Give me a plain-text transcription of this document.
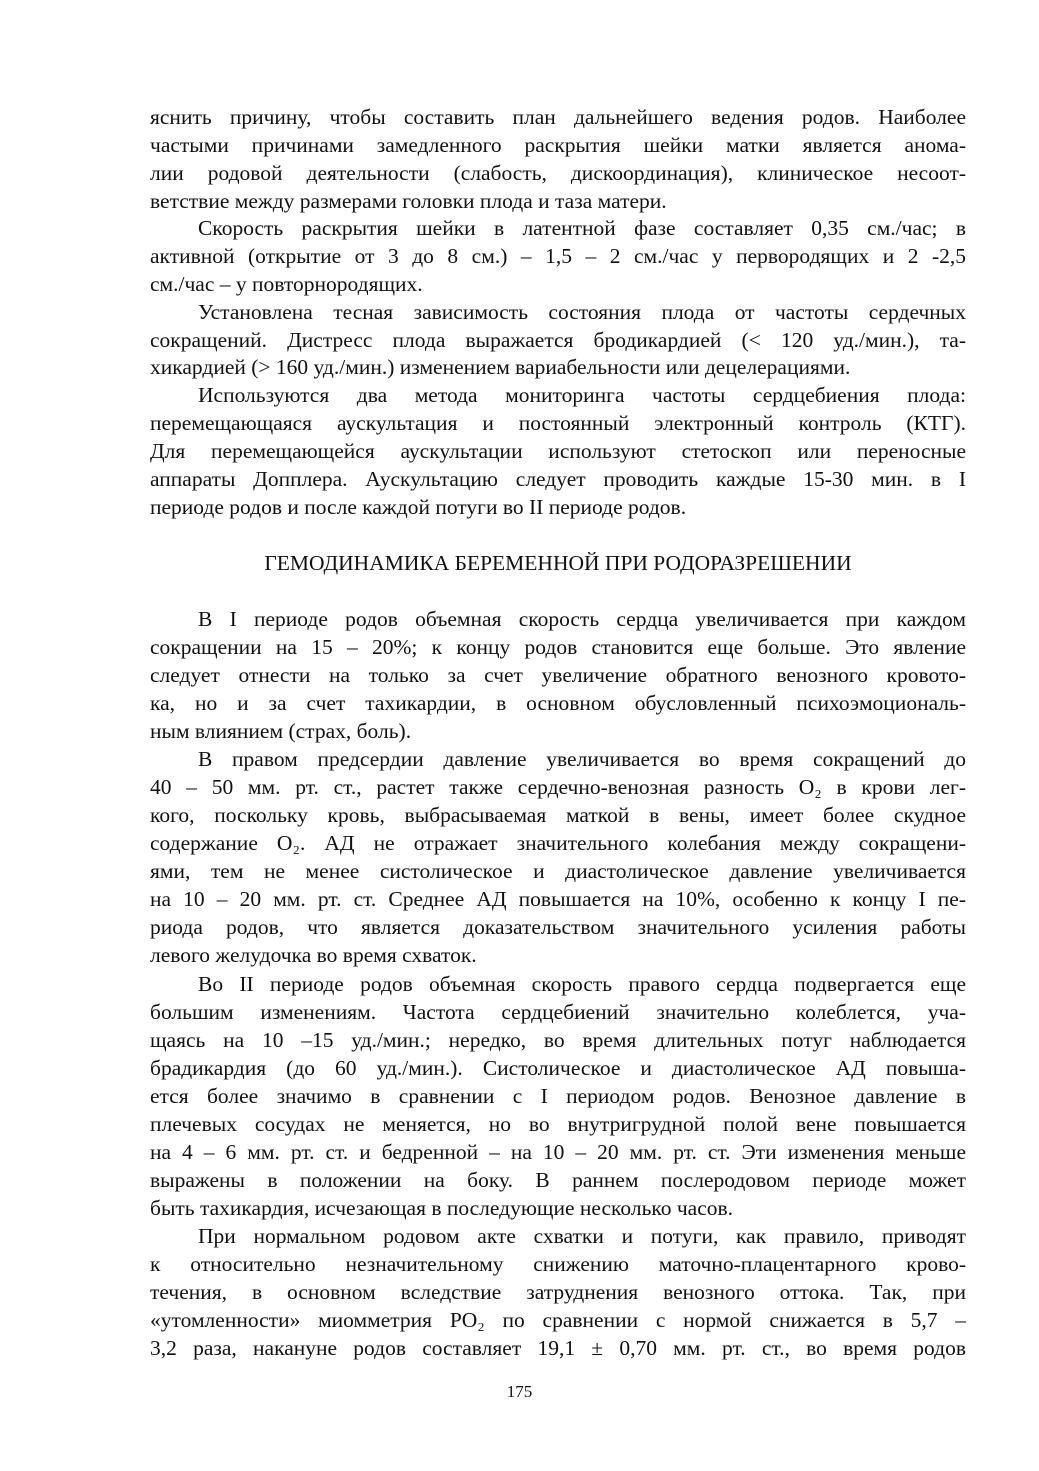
яснить причину, чтобы составить план дальнейшего ведения родов. Наиболее

частыми причинами замедленного раскрытия шейки матки является анома-

лии родовой деятельности (слабость, дискоординация), клиническое несоот-

ветствие между размерами головки плода и таза матери.

Скорость раскрытия шейки в латентной фазе составляет 0,35 см./час; в

активной (открытие от 3 до 8 см.) – 1,5 – 2 см./час у первородящих и 2 -2,5

см./час – у повторнородящих.

Установлена тесная зависимость состояния плода от частоты сердечных

сокращений. Дистресс плода выражается бродикардией (< 120 уд./мин.), та-

хикардией (> 160 уд./мин.) изменением вариабельности или децелерациями.

Используются два метода мониторинга частоты сердцебиения плода:

перемещающаяся аускультация и постоянный электронный контроль (КТГ).

Для перемещающейся аускультации используют стетоскоп или переносные

аппараты Допплера. Аускультацию следует проводить каждые 15-30 мин. в I

периоде родов и после каждой потуги во II периоде родов.

ГЕМОДИНАМИКА БЕРЕМЕННОЙ ПРИ РОДОРАЗРЕШЕНИИ

В I периоде родов объемная скорость сердца увеличивается при каждом

сокращении на 15 – 20%; к концу родов становится еще больше. Это явление

следует отнести на только за счет увеличение обратного венозного кровото-

ка, но и за счет тахикардии, в основном обусловленный психоэмоциональ-

ным влиянием (страх, боль).

В правом предсердии давление увеличивается во время сокращений до

40 – 50 мм. рт. ст., растет также сердечно-венозная разность O₂ в крови лег-

кого, поскольку кровь, выбрасываемая маткой в вены, имеет более скудное

содержание O₂. АД не отражает значительного колебания между сокращени-

ями, тем не менее систолическое и диастолическое давление увеличивается

на 10 – 20 мм. рт. ст. Среднее АД повышается на 10%, особенно к концу I пе-

риода родов, что является доказательством значительного усиления работы

левого желудочка во время схваток.

Во II периоде родов объемная скорость правого сердца подвергается еще

большим изменениям. Частота сердцебиений значительно колеблется, уча-

щаясь на 10 –15 уд./мин.; нередко, во время длительных потуг наблюдается

брадикардия (до 60 уд./мин.). Систолическое и диастолическое АД повыша-

ется более значимо в сравнении с I периодом родов. Венозное давление в

плечевых сосудах не меняется, но во внутригрудной полой вене повышается

на 4 – 6 мм. рт. ст. и бедренной – на 10 – 20 мм. рт. ст. Эти изменения меньше

выражены в положении на боку. В раннем послеродовом периоде может

быть тахикардия, исчезающая в последующие несколько часов.

При нормальном родовом акте схватки и потуги, как правило, приводят

к относительно незначительному снижению маточно-плацентарного крово-

течения, в основном вследствие затруднения венозного оттока. Так, при

«утомленности» миомметрия PO₂ по сравнении с нормой снижается в 5,7 –

3,2 раза, накануне родов составляет 19,1 ± 0,70 мм. рт. ст., во время родов

175
